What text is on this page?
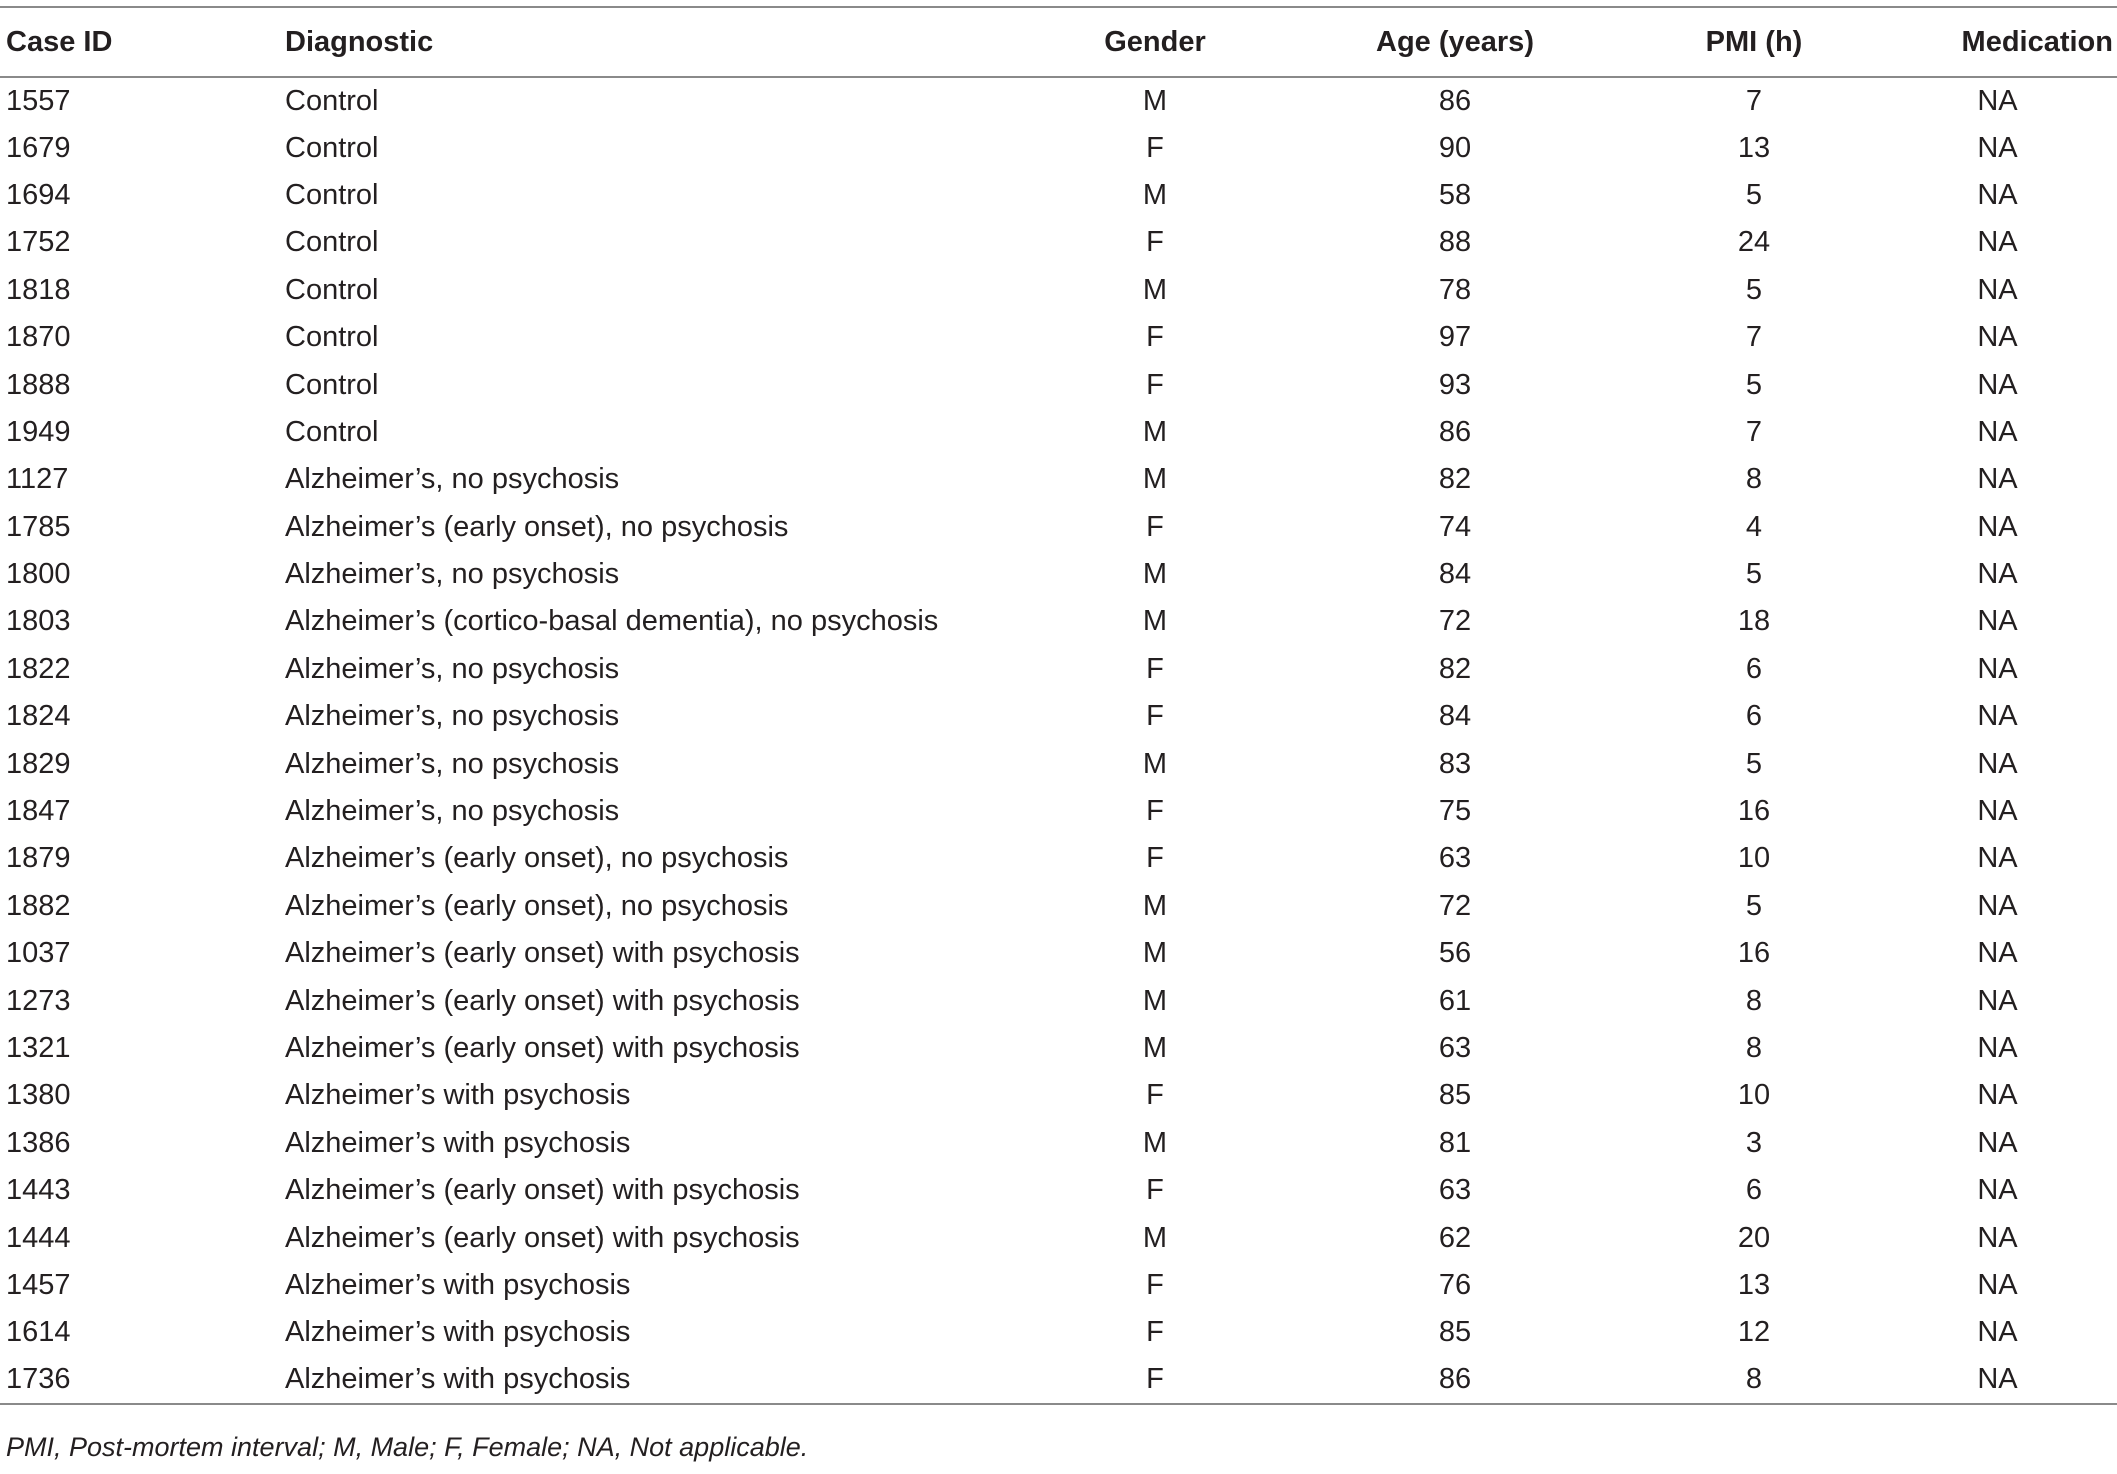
Case ID	Diagnostic	Gender	Age (years)	PMI (h)	Medication
1557	Control	M	86	7	NA
1679	Control	F	90	13	NA
1694	Control	M	58	5	NA
1752	Control	F	88	24	NA
1818	Control	M	78	5	NA
1870	Control	F	97	7	NA
1888	Control	F	93	5	NA
1949	Control	M	86	7	NA
1127	Alzheimer’s, no psychosis	M	82	8	NA
1785	Alzheimer’s (early onset), no psychosis	F	74	4	NA
1800	Alzheimer’s, no psychosis	M	84	5	NA
1803	Alzheimer’s (cortico-basal dementia), no psychosis	M	72	18	NA
1822	Alzheimer’s, no psychosis	F	82	6	NA
1824	Alzheimer’s, no psychosis	F	84	6	NA
1829	Alzheimer’s, no psychosis	M	83	5	NA
1847	Alzheimer’s, no psychosis	F	75	16	NA
1879	Alzheimer’s (early onset), no psychosis	F	63	10	NA
1882	Alzheimer’s (early onset), no psychosis	M	72	5	NA
1037	Alzheimer’s (early onset) with psychosis	M	56	16	NA
1273	Alzheimer’s (early onset) with psychosis	M	61	8	NA
1321	Alzheimer’s (early onset) with psychosis	M	63	8	NA
1380	Alzheimer’s with psychosis	F	85	10	NA
1386	Alzheimer’s with psychosis	M	81	3	NA
1443	Alzheimer’s (early onset) with psychosis	F	63	6	NA
1444	Alzheimer’s (early onset) with psychosis	M	62	20	NA
1457	Alzheimer’s with psychosis	F	76	13	NA
1614	Alzheimer’s with psychosis	F	85	12	NA
1736	Alzheimer’s with psychosis	F	86	8	NA
PMI, Post-mortem interval; M, Male; F, Female; NA, Not applicable.
